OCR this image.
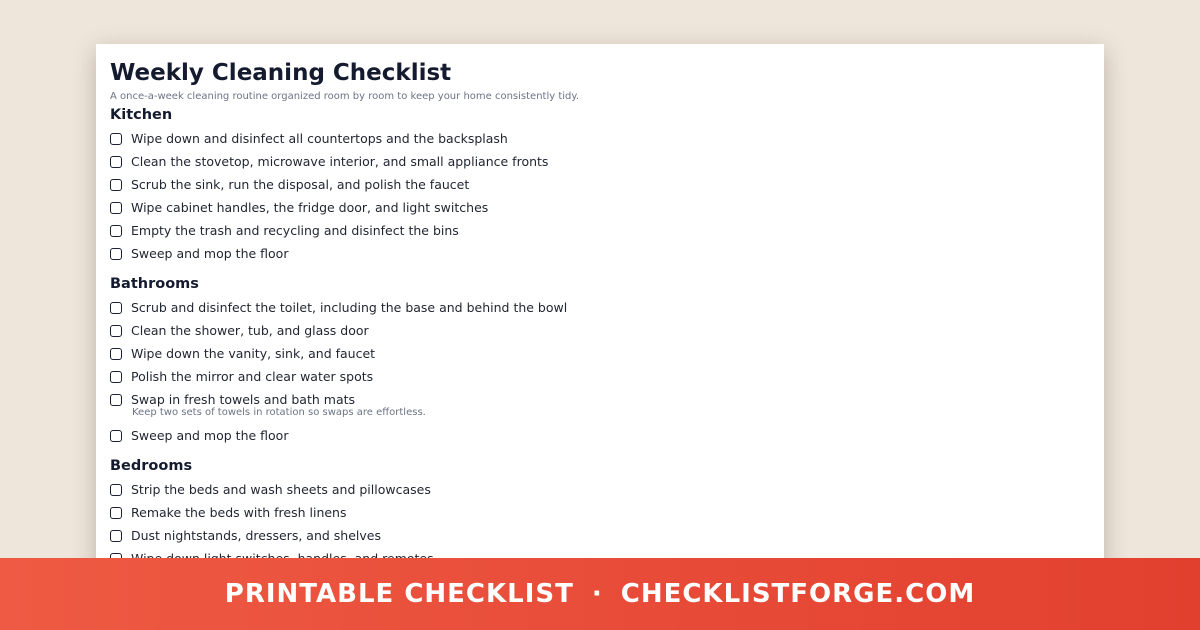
Weekly Cleaning Checklist
A once-a-week cleaning routine organized room by room to keep your home consistently tidy.
Kitchen
Wipe down and disinfect all countertops and the backsplash
Clean the stovetop, microwave interior, and small appliance fronts
Scrub the sink, run the disposal, and polish the faucet
Wipe cabinet handles, the fridge door, and light switches
Empty the trash and recycling and disinfect the bins
Sweep and mop the floor
Bathrooms
Scrub and disinfect the toilet, including the base and behind the bowl
Clean the shower, tub, and glass door
Wipe down the vanity, sink, and faucet
Polish the mirror and clear water spots
Swap in fresh towels and bath mats
Keep two sets of towels in rotation so swaps are effortless.
Sweep and mop the floor
Bedrooms
Strip the beds and wash sheets and pillowcases
Remake the beds with fresh linens
Dust nightstands, dressers, and shelves
PRINTABLE CHECKLIST · CHECKLISTFORGE.COM
